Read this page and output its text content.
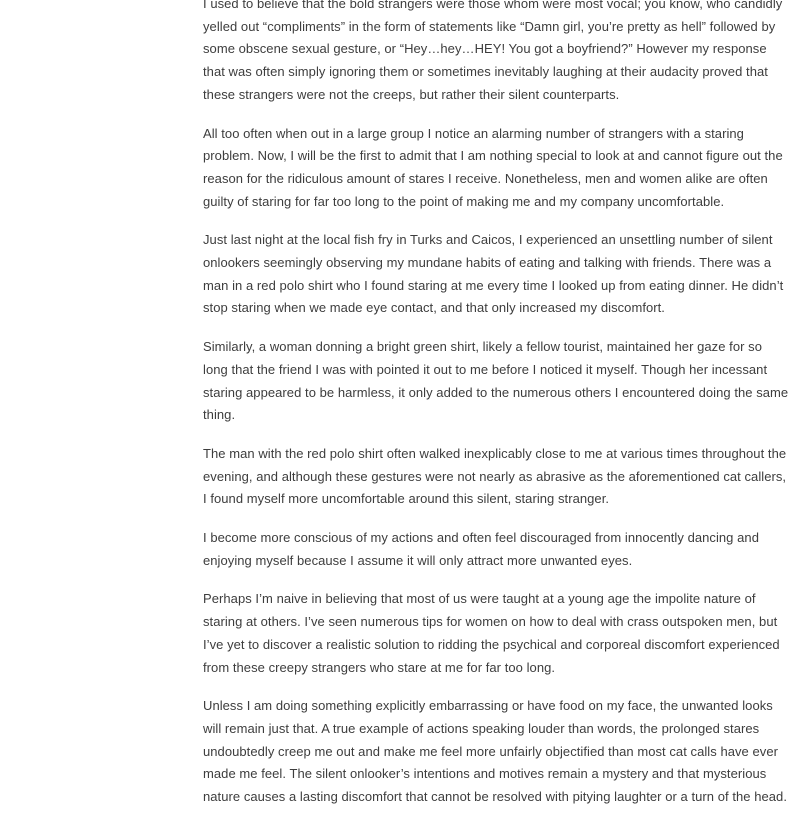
I used to believe that the bold strangers were those whom were most vocal; you know, who candidly yelled out “compliments” in the form of statements like “Damn girl, you’re pretty as hell” followed by some obscene sexual gesture, or “Hey…hey…HEY! You got a boyfriend?” However my response that was often simply ignoring them or sometimes inevitably laughing at their audacity proved that these strangers were not the creeps, but rather their silent counterparts.

All too often when out in a large group I notice an alarming number of strangers with a staring problem. Now, I will be the first to admit that I am nothing special to look at and cannot figure out the reason for the ridiculous amount of stares I receive. Nonetheless, men and women alike are often guilty of staring for far too long to the point of making me and my company uncomfortable.

Just last night at the local fish fry in Turks and Caicos, I experienced an unsettling number of silent onlookers seemingly observing my mundane habits of eating and talking with friends. There was a man in a red polo shirt who I found staring at me every time I looked up from eating dinner. He didn’t stop staring when we made eye contact, and that only increased my discomfort.

Similarly, a woman donning a bright green shirt, likely a fellow tourist, maintained her gaze for so long that the friend I was with pointed it out to me before I noticed it myself. Though her incessant staring appeared to be harmless, it only added to the numerous others I encountered doing the same thing.

The man with the red polo shirt often walked inexplicably close to me at various times throughout the evening, and although these gestures were not nearly as abrasive as the aforementioned cat callers, I found myself more uncomfortable around this silent, staring stranger.

I become more conscious of my actions and often feel discouraged from innocently dancing and enjoying myself because I assume it will only attract more unwanted eyes.

Perhaps I’m naive in believing that most of us were taught at a young age the impolite nature of staring at others. I’ve seen numerous tips for women on how to deal with crass outspoken men, but I’ve yet to discover a realistic solution to ridding the psychical and corporeal discomfort experienced from these creepy strangers who stare at me for far too long.

Unless I am doing something explicitly embarrassing or have food on my face, the unwanted looks will remain just that. A true example of actions speaking louder than words, the prolonged stares undoubtedly creep me out and make me feel more unfairly objectified than most cat calls have ever made me feel. The silent onlooker’s intentions and motives remain a mystery and that mysterious nature causes a lasting discomfort that cannot be resolved with pitying laughter or a turn of the head.
